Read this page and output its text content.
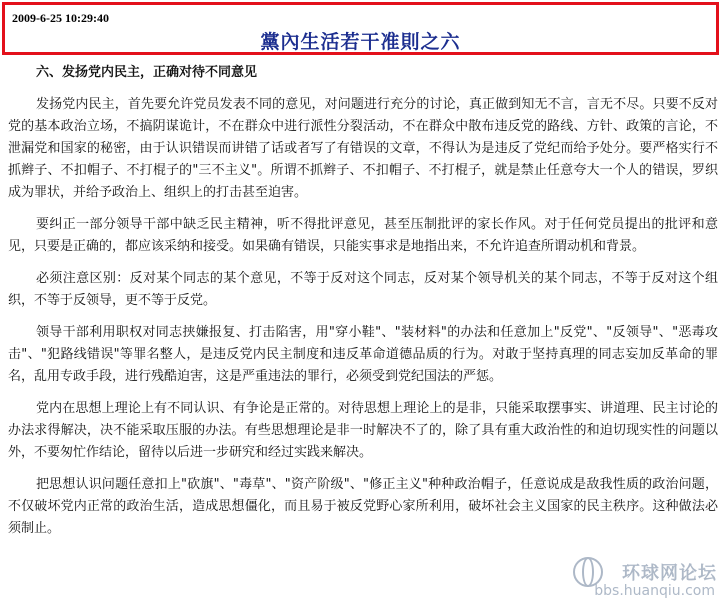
2009-6-25 10:29:40
黨內生活若干准則之六

六、发扬党内民主，正确对待不同意见

发扬党内民主，首先要允许党员发表不同的意见，对问题进行充分的讨论，真正做到知无不言，言无不尽。只要不反对党的基本政治立场，不搞阴谋诡计，不在群众中进行派性分裂活动，不在群众中散布违反党的路线、方针、政策的言论，不泄漏党和国家的秘密，由于认识错误而讲错了话或者写了有错误的文章，不得认为是违反了党纪而给予处分。要严格实行不抓辫子、不扣帽子、不打棍子的"三不主义"。所谓不抓辫子、不扣帽子、不打棍子，就是禁止任意夸大一个人的错误，罗织成为罪状，并给予政治上、组织上的打击甚至迫害。

要纠正一部分领导干部中缺乏民主精神，听不得批评意见，甚至压制批评的家长作风。对于任何党员提出的批评和意见，只要是正确的，都应该采纳和接受。如果确有错误，只能实事求是地指出来，不允许追查所谓动机和背景。

必须注意区别：反对某个同志的某个意见，不等于反对这个同志，反对某个领导机关的某个同志，不等于反对这个组织，不等于反领导，更不等于反党。

领导干部利用职权对同志挟嫌报复、打击陷害，用"穿小鞋"、"装材料"的办法和任意加上"反党"、"反领导"、"恶毒攻击"、"犯路线错误"等罪名整人，是违反党内民主制度和违反革命道德品质的行为。对敢于坚持真理的同志妄加反革命的罪名，乱用专政手段，进行残酷迫害，这是严重违法的罪行，必须受到党纪国法的严惩。

党内在思想上理论上有不同认识、有争论是正常的。对待思想上理论上的是非，只能采取摆事实、讲道理、民主讨论的办法求得解决，决不能采取压服的办法。有些思想理论是非一时解决不了的，除了具有重大政治性的和迫切现实性的问题以外，不要匆忙作结论，留待以后进一步研究和经过实践来解决。

把思想认识问题任意扣上"砍旗"、"毒草"、"资产阶级"、"修正主义"种种政治帽子，任意说成是敌我性质的政治问题，不仅破坏党内正常的政治生活，造成思想僵化，而且易于被反党野心家所利用，破坏社会主义国家的民主秩序。这种做法必须制止。

环球网论坛
bbs.huanqiu.com
